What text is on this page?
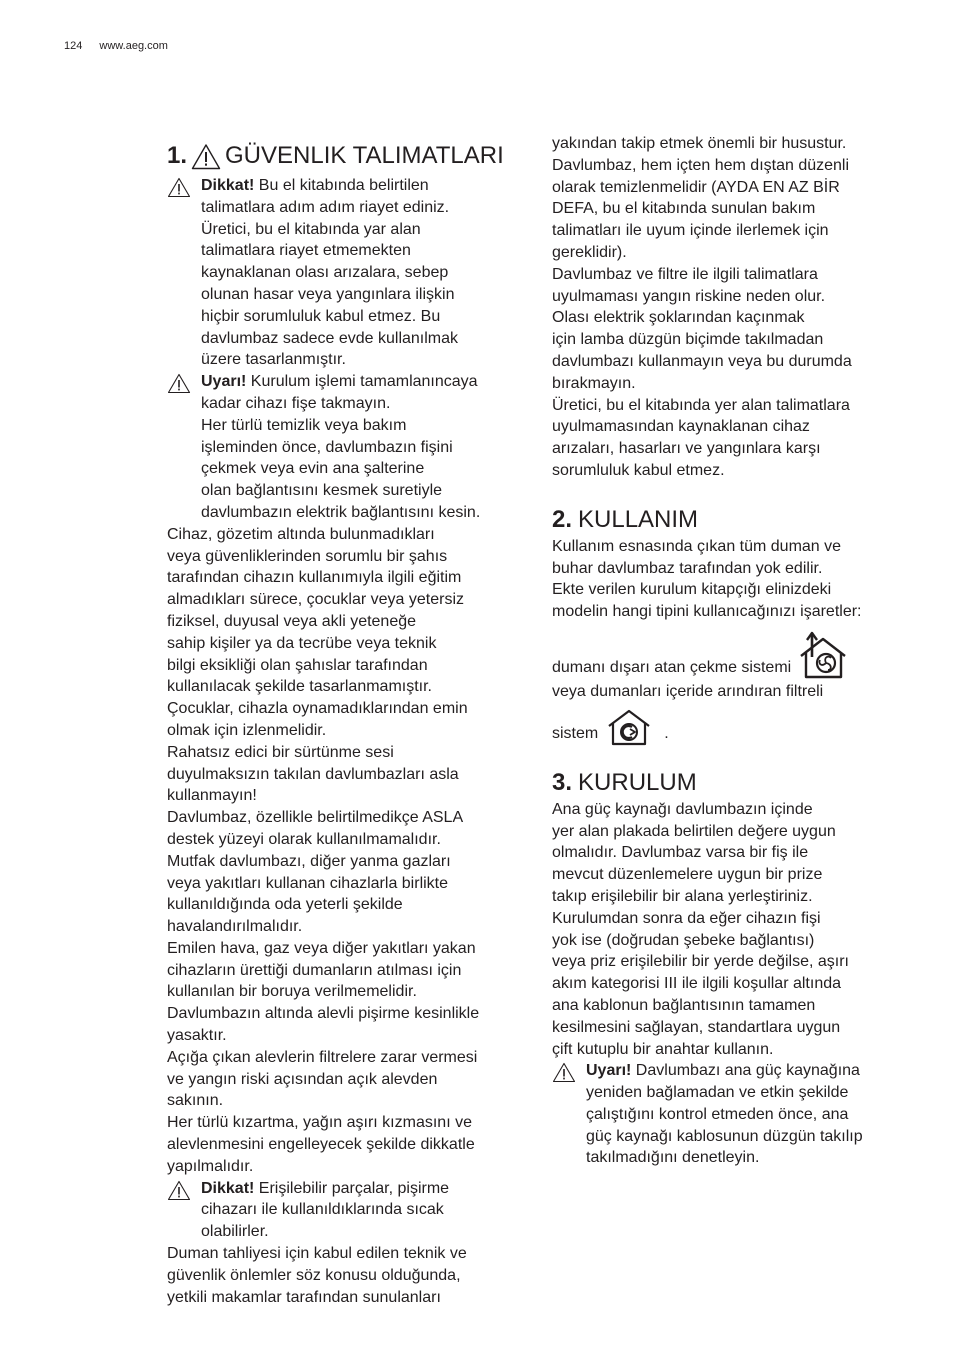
124 www.aeg.com
1. GÜVENLIK TALIMATLARI

Dikkat! Bu el kitabında belirtilen
talimatlara adım adım riayet ediniz.
Üretici, bu el kitabında yar alan
talimatlara riayet etmemekten
kaynaklanan olası arızalara, sebep
olunan hasar veya yangınlara ilişkin
hiçbir sorumluluk kabul etmez. Bu
davlumbaz sadece evde kullanılmak
üzere tasarlanmıştır.

Uyarı! Kurulum işlemi tamamlanıncaya
kadar cihazı fişe takmayın.

Her türlü temizlik veya bakım
işleminden önce, davlumbazın fişini
çekmek veya evin ana şalterine
olan bağlantısını kesmek suretiyle
davlumbazın elektrik bağlantısını kesin.

Cihaz, gözetim altında bulunmadıkları
veya güvenliklerinden sorumlu bir şahıs
tarafından cihazın kullanımıyla ilgili eğitim
almadıkları sürece, çocuklar veya yetersiz
fiziksel, duyusal veya akli yeteneğe
sahip kişiler ya da tecrübe veya teknik
bilgi eksikliği olan şahıslar tarafından
kullanılacak şekilde tasarlanmamıştır.
Çocuklar, cihazla oynamadıklarından emin
olmak için izlenmelidir.
Rahatsız edici bir sürtünme sesi
duyulmaksızın takılan davlumbazları asla
kullanmayın!
Davlumbaz, özellikle belirtilmedikçe ASLA
destek yüzeyi olarak kullanılmamalıdır.
Mutfak davlumbazı, diğer yanma gazları
veya yakıtları kullanan cihazlarla birlikte
kullanıldığında oda yeterli şekilde
havalandırılmalıdır.
Emilen hava, gaz veya diğer yakıtları yakan
cihazların ürettiği dumanların atılması için
kullanılan bir boruya verilmemelidir.
Davlumbazın altında alevli pişirme kesinlikle
yasaktır.
Açığa çıkan alevlerin filtrelere zarar vermesi
ve yangın riski açısından açık alevden
sakının.
Her türlü kızartma, yağın aşırı kızmasını ve
alevlenmesini engelleyecek şekilde dikkatle
yapılmalıdır.

Dikkat! Erişilebilir parçalar, pişirme
cihazarı ile kullanıldıklarında sıcak
olabilirler.

Duman tahliyesi için kabul edilen teknik ve
güvenlik önlemler söz konusu olduğunda,
yetkili makamlar tarafından sunulanları

yakından takip etmek önemli bir husustur.
Davlumbaz, hem içten hem dıştan düzenli
olarak temizlenmelidir (AYDA EN AZ BİR
DEFA, bu el kitabında sunulan bakım
talimatları ile uyum içinde ilerlemek için
gereklidir).
Davlumbaz ve filtre ile ilgili talimatlara
uyulmaması yangın riskine neden olur.
Olası elektrik şoklarından kaçınmak
için lamba düzgün biçimde takılmadan
davlumbazı kullanmayın veya bu durumda
bırakmayın.
Üretici, bu el kitabında yer alan talimatlara
uyulmamasından kaynaklanan cihaz
arızaları, hasarları ve yangınlara karşı
sorumluluk kabul etmez.

2. KULLANIM

Kullanım esnasında çıkan tüm duman ve
buhar davlumbaz tarafından yok edilir.
Ekte verilen kurulum kitapçığı elinizdeki
modelin hangi tipini kullanıcağınızı işaretler:

dumanı dışarı atan çekme sistemi

veya dumanları içeride arındıran filtreli

sistem	.
3. KURULUM

Ana güç kaynağı davlumbazın içinde
yer alan plakada belirtilen değere uygun
olmalıdır. Davlumbaz varsa bir fiş ile
mevcut düzenlemelere uygun bir prize
takıp erişilebilir bir alana yerleştiriniz.
Kurulumdan sonra da eğer cihazın fişi
yok ise (doğrudan şebeke bağlantısı)
veya priz erişilebilir bir yerde değilse, aşırı
akım kategorisi III ile ilgili koşullar altında
ana kablonun bağlantısının tamamen
kesilmesini sağlayan, standartlara uygun
çift kutuplu bir anahtar kullanın.

Uyarı! Davlumbazı ana güç kaynağına
yeniden bağlamadan ve etkin şekilde
çalıştığını kontrol etmeden önce, ana
güç kaynağı kablosunun düzgün takılıp
takılmadığını denetleyin.
